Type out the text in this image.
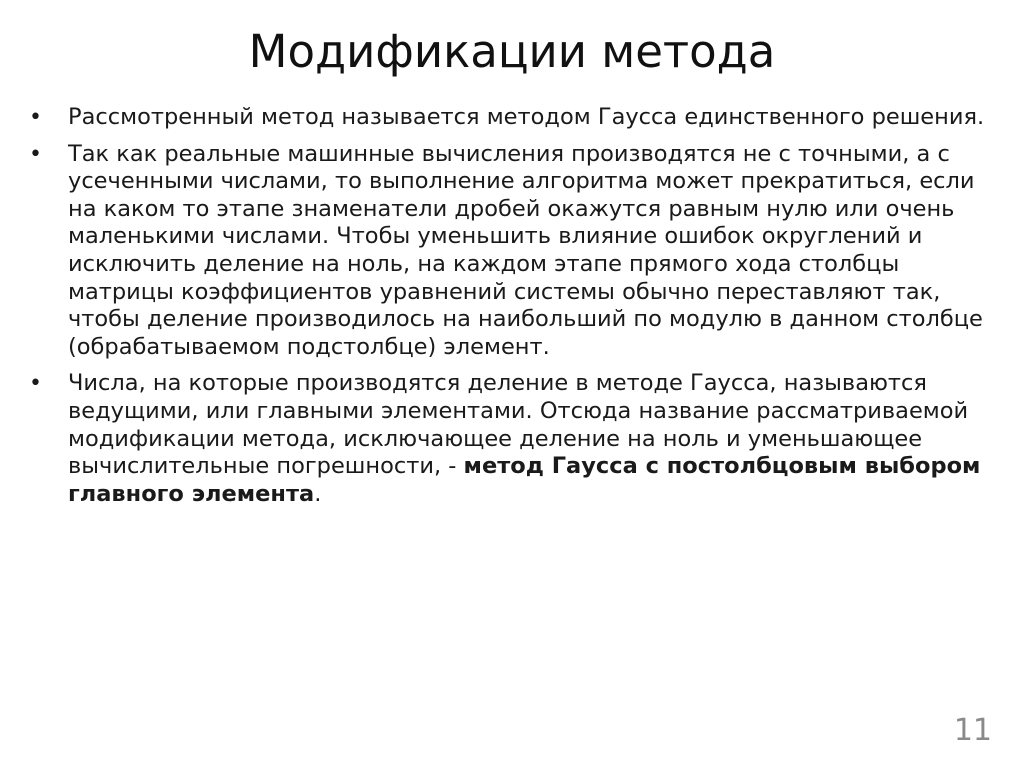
Модификации метода
•	Рассмотренный метод называется методом Гаусса единственного решения.
•	Так как реальные машинные вычисления производятся не с точными, а с усеченными числами, то выполнение алгоритма может прекратиться, если на каком то этапе знаменатели дробей окажутся равным нулю или очень маленькими числами. Чтобы уменьшить влияние ошибок округлений и исключить деление на ноль, на каждом этапе прямого хода столбцы матрицы коэффициентов уравнений системы обычно переставляют так, чтобы деление производилось на наибольший по модулю в данном столбце (обрабатываемом подстолбце) элемент.
•	Числа, на которые производятся деление в методе Гаусса, называются ведущими, или главными элементами. Отсюда название рассматриваемой модификации метода, исключающее деление на ноль и уменьшающее вычислительные погрешности, - метод Гаусса с постолбцовым выбором главного элемента.
11
